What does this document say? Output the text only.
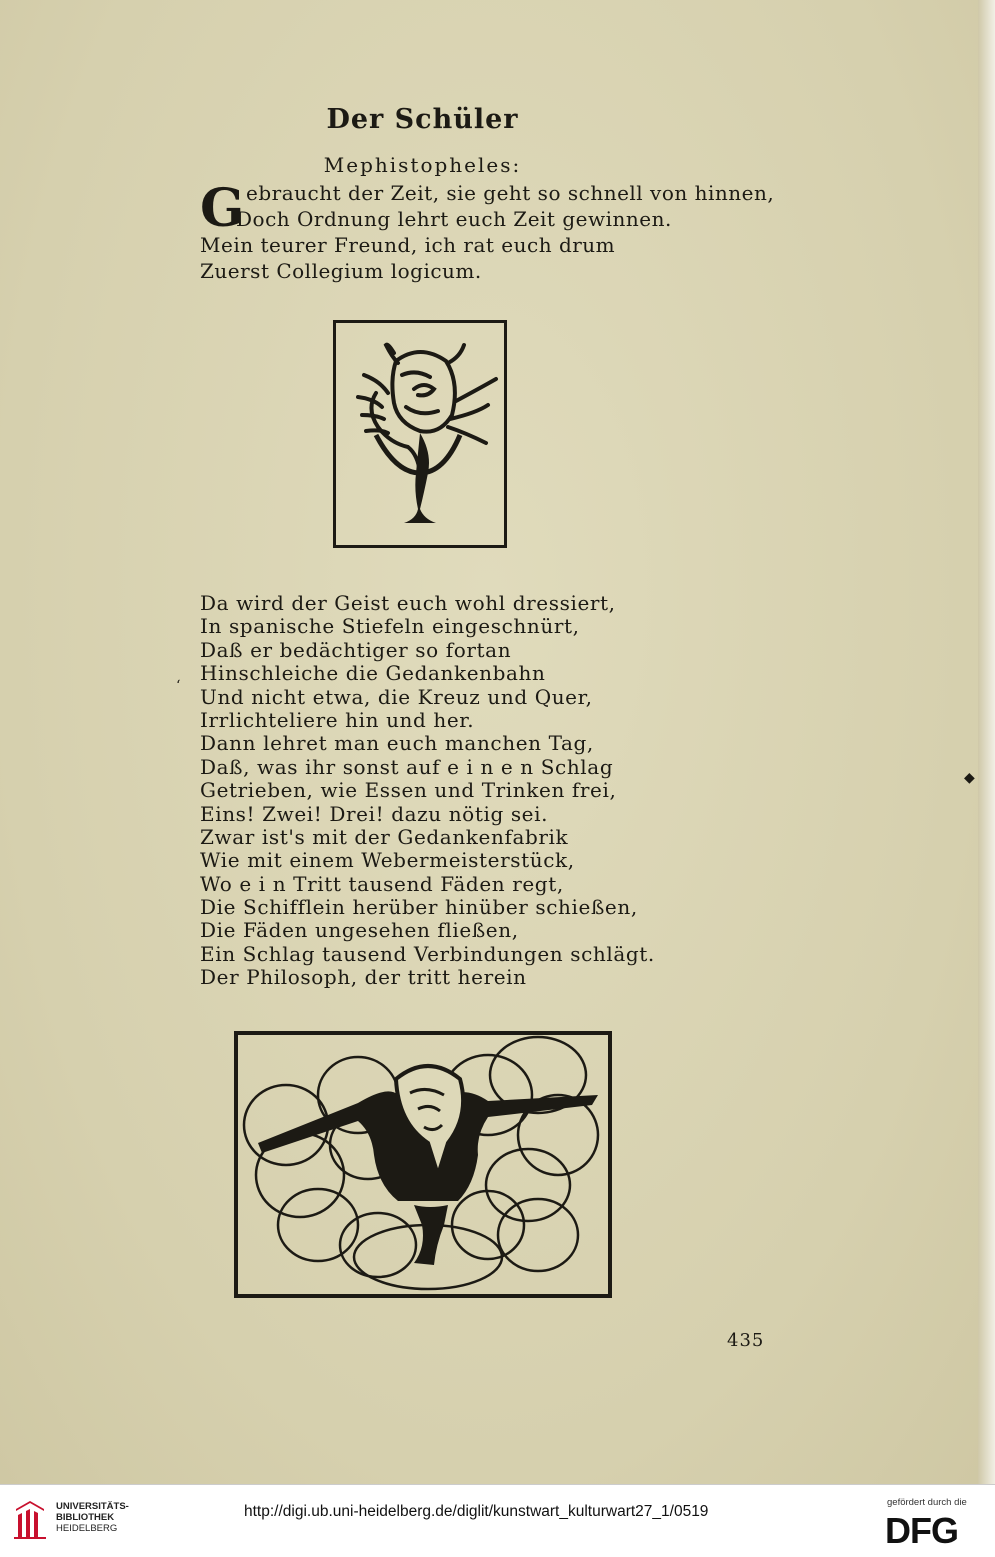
Der Schüler
Mephistopheles:
G ebraucht der Zeit, sie geht so schnell von hinnen,
Doch Ordnung lehrt euch Zeit gewinnen.
Mein teurer Freund, ich rat euch drum
Zuerst Collegium logicum.
Da wird der Geist euch wohl dressiert,
In spanische Stiefeln eingeschnürt,
Daß er bedächtiger so fortan
Hinschleiche die Gedankenbahn
Und nicht etwa, die Kreuz und Quer,
Irrlichteliere hin und her.
Dann lehret man euch manchen Tag,
Daß, was ihr sonst auf e i n e n Schlag
Getrieben, wie Essen und Trinken frei,
Eins! Zwei! Drei! dazu nötig sei.
Zwar ist's mit der Gedankenfabrik
Wie mit einem Webermeisterstück,
Wo e i n Tritt tausend Fäden regt,
Die Schifflein herüber hinüber schießen,
Die Fäden ungesehen fließen,
Ein Schlag tausend Verbindungen schlägt.
Der Philosoph, der tritt herein
ʻ
◆
435
UNIVERSITÄTS-
BIBLIOTHEK
HEIDELBERG
http://digi.ub.uni-heidelberg.de/diglit/kunstwart_kulturwart27_1/0519
gefördert durch die
DFG
